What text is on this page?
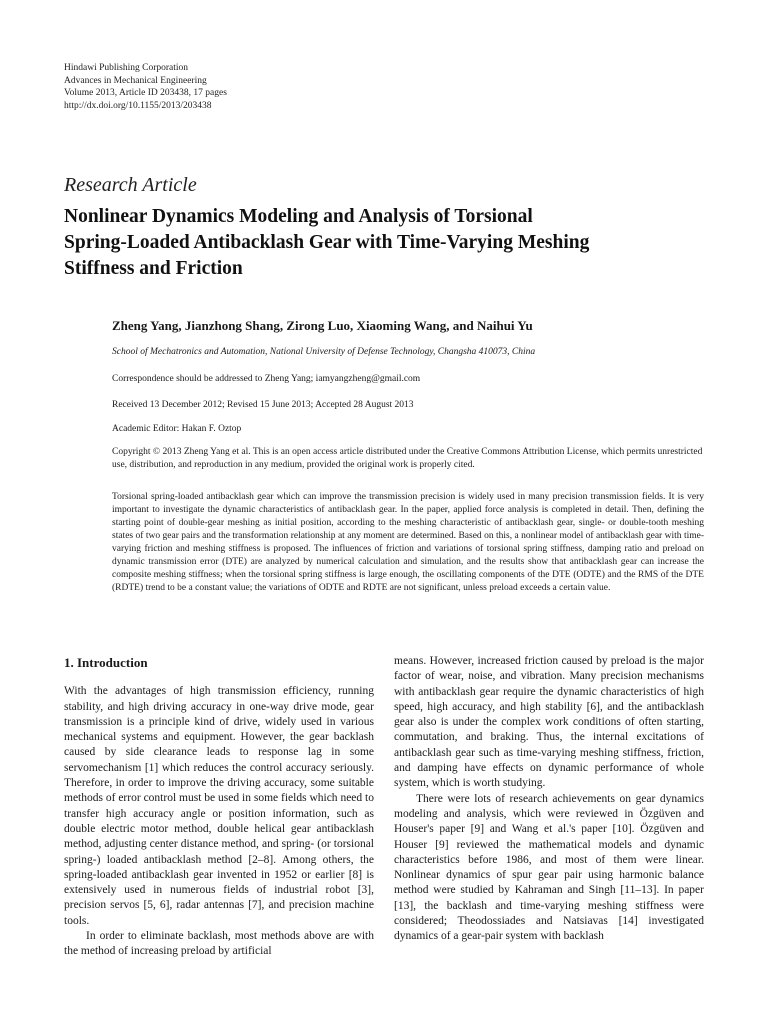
Hindawi Publishing Corporation
Advances in Mechanical Engineering
Volume 2013, Article ID 203438, 17 pages
http://dx.doi.org/10.1155/2013/203438
Research Article
Nonlinear Dynamics Modeling and Analysis of Torsional
Spring-Loaded Antibacklash Gear with Time-Varying Meshing
Stiffness and Friction
Zheng Yang, Jianzhong Shang, Zirong Luo, Xiaoming Wang, and Naihui Yu
School of Mechatronics and Automation, National University of Defense Technology, Changsha 410073, China
Correspondence should be addressed to Zheng Yang; iamyangzheng@gmail.com
Received 13 December 2012; Revised 15 June 2013; Accepted 28 August 2013
Academic Editor: Hakan F. Oztop
Copyright © 2013 Zheng Yang et al. This is an open access article distributed under the Creative Commons Attribution License, which permits unrestricted use, distribution, and reproduction in any medium, provided the original work is properly cited.
Torsional spring-loaded antibacklash gear which can improve the transmission precision is widely used in many precision transmission fields. It is very important to investigate the dynamic characteristics of antibacklash gear. In the paper, applied force analysis is completed in detail. Then, defining the starting point of double-gear meshing as initial position, according to the meshing characteristic of antibacklash gear, single- or double-tooth meshing states of two gear pairs and the transformation relationship at any moment are determined. Based on this, a nonlinear model of antibacklash gear with time-varying friction and meshing stiffness is proposed. The influences of friction and variations of torsional spring stiffness, damping ratio and preload on dynamic transmission error (DTE) are analyzed by numerical calculation and simulation, and the results show that antibacklash gear can increase the composite meshing stiffness; when the torsional spring stiffness is large enough, the oscillating components of the DTE (ODTE) and the RMS of the DTE (RDTE) trend to be a constant value; the variations of ODTE and RDTE are not significant, unless preload exceeds a certain value.
1. Introduction

With the advantages of high transmission efficiency, running stability, and high driving accuracy in one-way drive mode, gear transmission is a principle kind of drive, widely used in various mechanical systems and equipment. However, the gear backlash caused by side clearance leads to response lag in some servomechanism [1] which reduces the control accuracy seriously. Therefore, in order to improve the driving accuracy, some suitable methods of error control must be used in some fields which need to transfer high accuracy angle or position information, such as double electric motor method, double helical gear antibacklash method, adjusting center distance method, and spring- (or torsional spring-) loaded antibacklash method [2–8]. Among others, the spring-loaded antibacklash gear invented in 1952 or earlier [8] is extensively used in numerous fields of industrial robot [3], precision servos [5, 6], radar antennas [7], and precision machine tools.

In order to eliminate backlash, most methods above are with the method of increasing preload by artificial

means. However, increased friction caused by preload is the major factor of wear, noise, and vibration. Many precision mechanisms with antibacklash gear require the dynamic characteristics of high speed, high accuracy, and high stability [6], and the antibacklash gear also is under the complex work conditions of often starting, commutation, and braking. Thus, the internal excitations of antibacklash gear such as time-varying meshing stiffness, friction, and damping have effects on dynamic performance of whole system, which is worth studying.

There were lots of research achievements on gear dynamics modeling and analysis, which were reviewed in Özgüven and Houser's paper [9] and Wang et al.'s paper [10]. Özgüven and Houser [9] reviewed the mathematical models and dynamic characteristics before 1986, and most of them were linear. Nonlinear dynamics of spur gear pair using harmonic balance method were studied by Kahraman and Singh [11–13]. In paper [13], the backlash and time-varying meshing stiffness were considered; Theodossiades and Natsiavas [14] investigated dynamics of a gear-pair system with backlash
